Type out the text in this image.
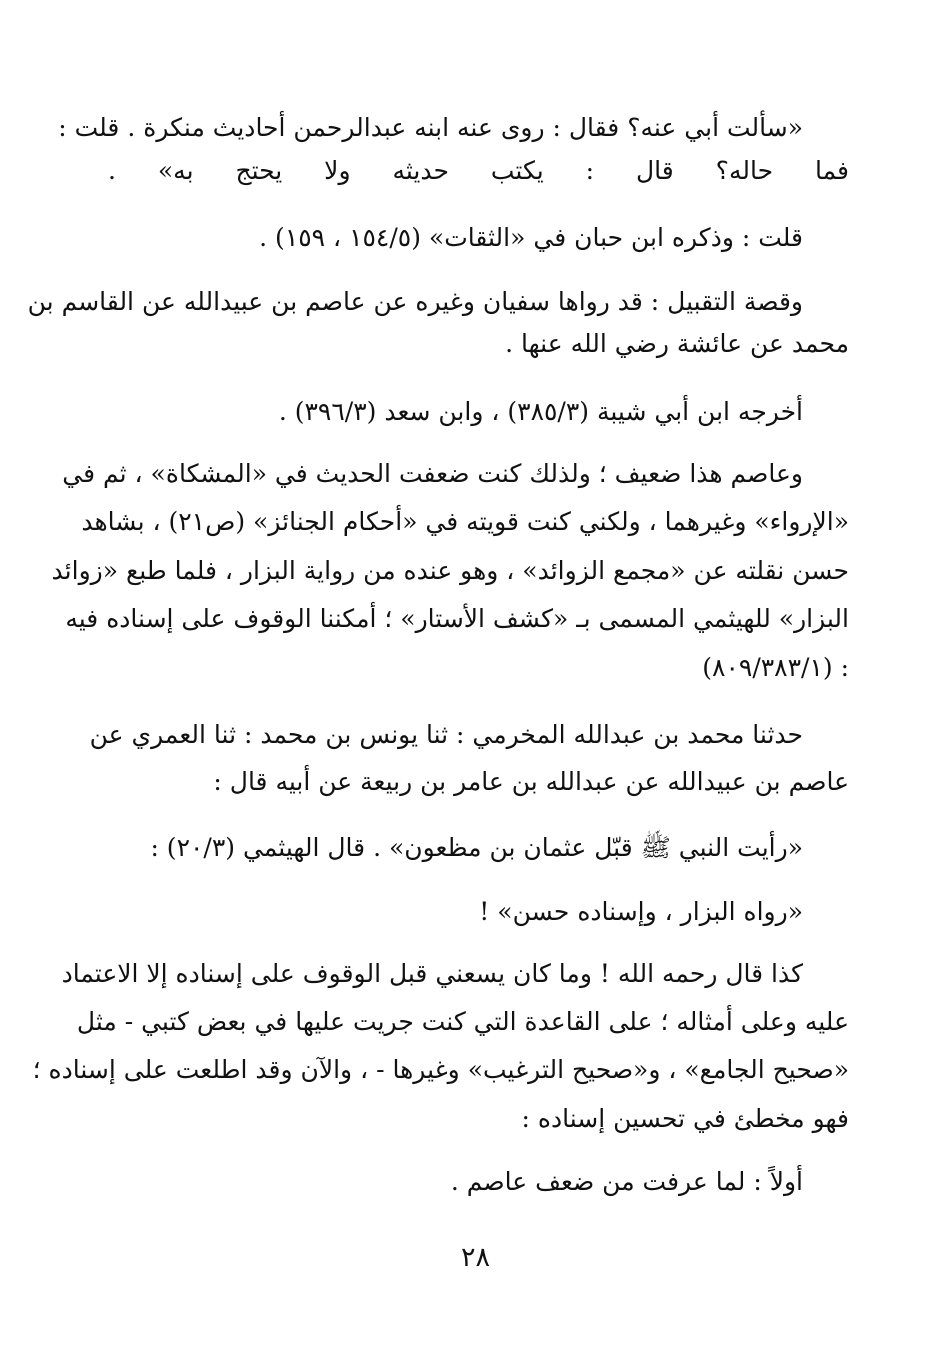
«سألت أبي عنه؟ فقال : روى عنه ابنه عبدالرحمن أحاديث منكرة . قلت :
فما حاله؟ قال : يكتب حديثه ولا يحتج به» .
قلت : وذكره ابن حبان في «الثقات» (١٥٤/٥ ، ١٥٩) .
وقصة التقبيل : قد رواها سفيان وغيره عن عاصم بن عبيدالله عن القاسم بن
محمد عن عائشة رضي الله عنها .
أخرجه ابن أبي شيبة (٣٨٥/٣) ، وابن سعد (٣٩٦/٣) .
وعاصم هذا ضعيف ؛ ولذلك كنت ضعفت الحديث في «المشكاة» ، ثم في
«الإرواء» وغيرهما ، ولكني كنت قويته في «أحكام الجنائز» (ص٢١) ، بشاهد
حسن نقلته عن «مجمع الزوائد» ، وهو عنده من رواية البزار ، فلما طبع «زوائد
البزار» للهيثمي المسمى بـ «كشف الأستار» ؛ أمكننا الوقوف على إسناده فيه
: (٨٠٩/٣٨٣/١)
حدثنا محمد بن عبدالله المخرمي : ثنا يونس بن محمد : ثنا العمري عن
عاصم بن عبيدالله عن عبدالله بن عامر بن ربيعة عن أبيه قال :
«رأيت النبي ﷺ قبّل عثمان بن مظعون» . قال الهيثمي (٢٠/٣) :
«رواه البزار ، وإسناده حسن» !
كذا قال رحمه الله ! وما كان يسعني قبل الوقوف على إسناده إلا الاعتماد
عليه وعلى أمثاله ؛ على القاعدة التي كنت جريت عليها في بعض كتبي - مثل
«صحيح الجامع» ، و«صحيح الترغيب» وغيرها - ، والآن وقد اطلعت على إسناده ؛
فهو مخطئ في تحسين إسناده :
أولاً : لما عرفت من ضعف عاصم .
٢٨
